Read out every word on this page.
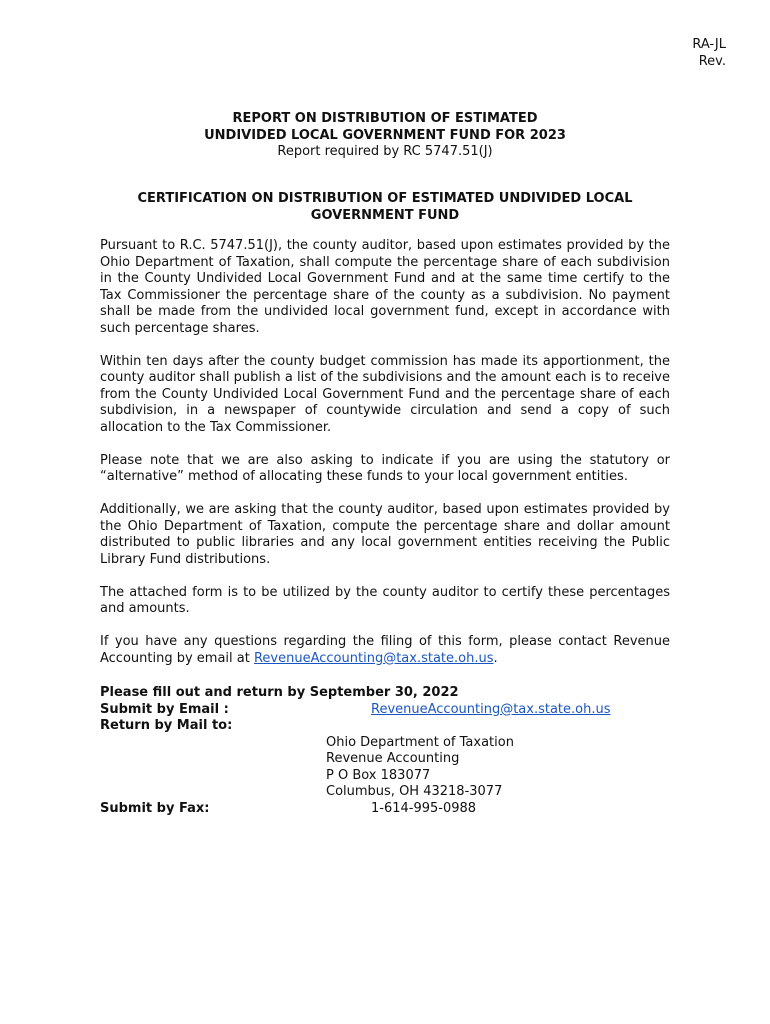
RA-JL
Rev.
REPORT ON DISTRIBUTION OF ESTIMATED
UNDIVIDED LOCAL GOVERNMENT FUND FOR 2023
Report required by RC 5747.51(J)
CERTIFICATION ON DISTRIBUTION OF ESTIMATED UNDIVIDED LOCAL GOVERNMENT FUND

Pursuant to R.C. 5747.51(J), the county auditor, based upon estimates provided by the Ohio Department of Taxation, shall compute the percentage share of each subdivision in the County Undivided Local Government Fund and at the same time certify to the Tax Commissioner the percentage share of the county as a subdivision. No payment shall be made from the undivided local government fund, except in accordance with such percentage shares.

Within ten days after the county budget commission has made its apportionment, the county auditor shall publish a list of the subdivisions and the amount each is to receive from the County Undivided Local Government Fund and the percentage share of each subdivision, in a newspaper of countywide circulation and send a copy of such allocation to the Tax Commissioner.

Please note that we are also asking to indicate if you are using the statutory or “alternative” method of allocating these funds to your local government entities.

Additionally, we are asking that the county auditor, based upon estimates provided by the Ohio Department of Taxation, compute the percentage share and dollar amount distributed to public libraries and any local government entities receiving the Public Library Fund distributions.

The attached form is to be utilized by the county auditor to certify these percentages and amounts.

If you have any questions regarding the filing of this form, please contact Revenue Accounting by email at RevenueAccounting@tax.state.oh.us.

Please fill out and return by September 30, 2022
Submit by Email :	RevenueAccounting@tax.state.oh.us
Return by Mail to:
Ohio Department of Taxation
Revenue Accounting
P O Box 183077
Columbus, OH 43218-3077
Submit by Fax:	1-614-995-0988
